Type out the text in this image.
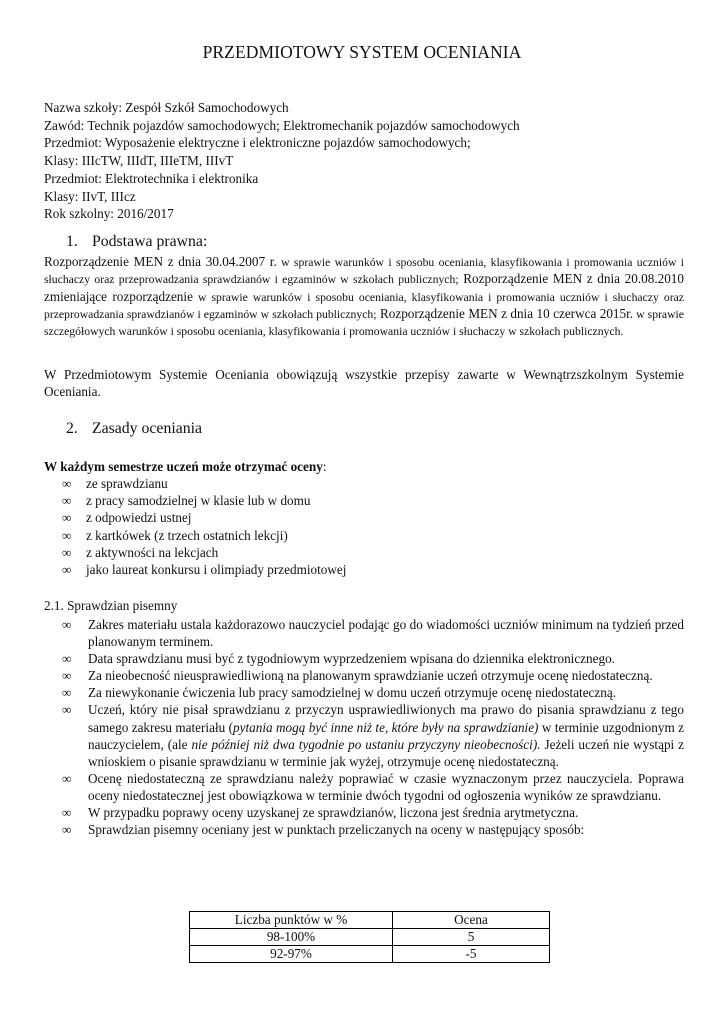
PRZEDMIOTOWY SYSTEM OCENIANIA
Nazwa szkoły: Zespół Szkół Samochodowych
Zawód: Technik pojazdów samochodowych; Elektromechanik pojazdów samochodowych
Przedmiot: Wyposażenie elektryczne i elektroniczne pojazdów samochodowych;
Klasy: IIIcTW, IIIdT, IIIeTM, IIIvT
Przedmiot: Elektrotechnika i elektronika
Klasy: IIvT, IIIcz
Rok szkolny: 2016/2017
1. Podstawa prawna:
Rozporządzenie MEN z dnia 30.04.2007 r. w sprawie warunków i sposobu oceniania, klasyfikowania i promowania uczniów i słuchaczy oraz przeprowadzania sprawdzianów i egzaminów w szkołach publicznych; Rozporządzenie MEN z dnia 20.08.2010 zmieniające rozporządzenie w sprawie warunków i sposobu oceniania, klasyfikowania i promowania uczniów i słuchaczy oraz przeprowadzania sprawdzianów i egzaminów w szkołach publicznych; Rozporządzenie MEN z dnia 10 czerwca 2015r. w sprawie szczegółowych warunków i sposobu oceniania, klasyfikowania i promowania uczniów i słuchaczy w szkołach publicznych.
W Przedmiotowym Systemie Oceniania obowiązują wszystkie przepisy zawarte w Wewnątrzszkolnym Systemie Oceniania.
2. Zasady oceniania
W każdym semestrze uczeń może otrzymać oceny:
∞ ze sprawdzianu
∞ z pracy samodzielnej w klasie lub w domu
∞ z odpowiedzi ustnej
∞ z kartkówek (z trzech ostatnich lekcji)
∞ z aktywności na lekcjach
∞ jako laureat konkursu i olimpiady przedmiotowej
2.1. Sprawdzian pisemny
∞ Zakres materiału ustala każdorazowo nauczyciel podając go do wiadomości uczniów minimum na tydzień przed planowanym terminem.
∞ Data sprawdzianu musi być z tygodniowym wyprzedzeniem wpisana do dziennika elektronicznego.
∞ Za nieobecność nieusprawiedliwioną na planowanym sprawdzianie uczeń otrzymuje ocenę niedostateczną.
∞ Za niewykonanie ćwiczenia lub pracy samodzielnej w domu uczeń otrzymuje ocenę niedostateczną.
∞ Uczeń, który nie pisał sprawdzianu z przyczyn usprawiedliwionych ma prawo do pisania sprawdzianu z tego samego zakresu materiału (pytania mogą być inne niż te, które były na sprawdzianie) w terminie uzgodnionym z nauczycielem, (ale nie później niż dwa tygodnie po ustaniu przyczyny nieobecności). Jeżeli uczeń nie wystąpi z wnioskiem o pisanie sprawdzianu w terminie jak wyżej, otrzymuje ocenę niedostateczną.
∞ Ocenę niedostateczną ze sprawdzianu należy poprawiać w czasie wyznaczonym przez nauczyciela. Poprawa oceny niedostatecznej jest obowiązkowa w terminie dwóch tygodni od ogłoszenia wyników ze sprawdzianu.
∞ W przypadku poprawy oceny uzyskanej ze sprawdzianów, liczona jest średnia arytmetyczna.
∞ Sprawdzian pisemny oceniany jest w punktach przeliczanych na oceny w następujący sposób:
Liczba punktów w %	Ocena
98-100%	5
92-97%	-5
